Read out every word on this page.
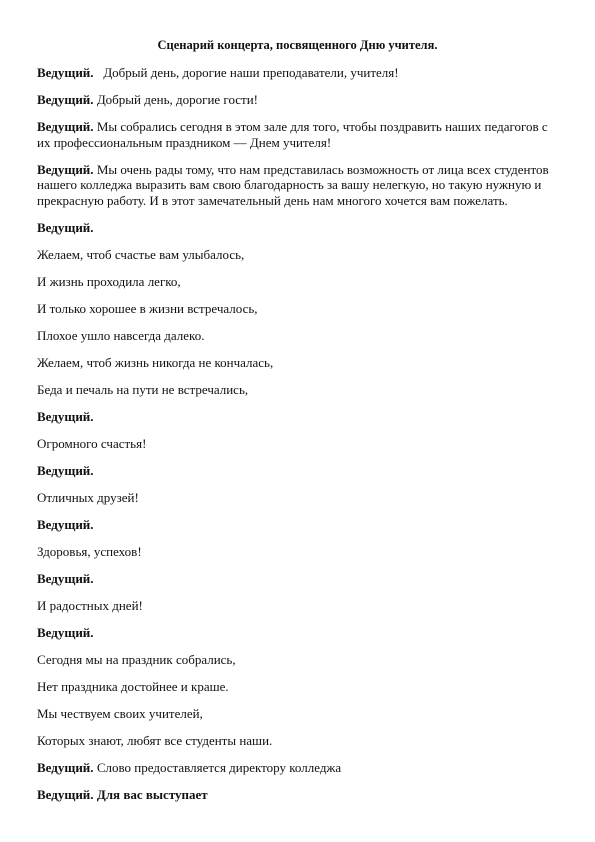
Сценарий концерта, посвященного Дню учителя.

Ведущий. Добрый день, дорогие наши преподаватели, учителя!

Ведущий. Добрый день, дорогие гости!

Ведущий. Мы собрались сегодня в этом зале для того, чтобы поздравить наших педагогов с их профессиональным праздником — Днем учителя!

Ведущий. Мы очень рады тому, что нам представилась возможность от лица всех студентов нашего колледжа выразить вам свою благодарность за вашу нелегкую, но такую нужную и прекрасную работу. И в этот замечательный день нам многого хочется вам пожелать.

Ведущий.

Желаем, чтоб счастье вам улыбалось,

И жизнь проходила легко,

И только хорошее в жизни встречалось,

Плохое ушло навсегда далеко.

Желаем, чтоб жизнь никогда не кончалась,

Беда и печаль на пути не встречались,

Ведущий.

Огромного счастья!

Ведущий.

Отличных друзей!

Ведущий.

Здоровья, успехов!

Ведущий.

И радостных дней!

Ведущий.

Сегодня мы на праздник собрались,

Нет праздника достойнее и краше.

Мы чествуем своих учителей,

Которых знают, любят все студенты наши.

Ведущий. Слово предоставляется директору колледжа

Ведущий. Для вас выступает
